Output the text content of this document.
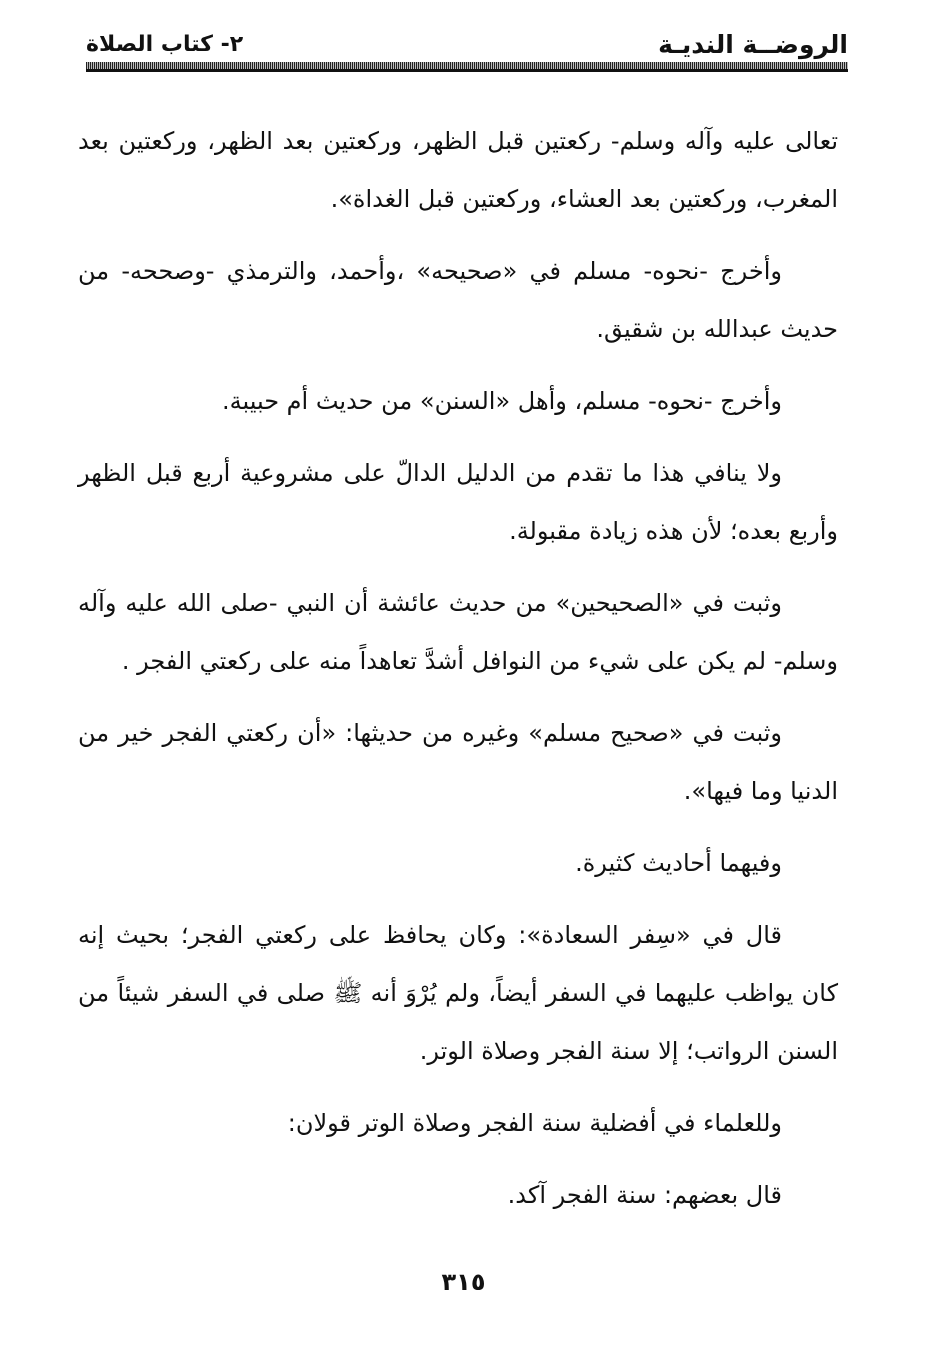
الروضــة النديـة
٢- كتاب الصلاة

تعالى عليه وآله وسلم- ركعتين قبل الظهر، وركعتين بعد الظهر، وركعتين بعد المغرب، وركعتين بعد العشاء، وركعتين قبل الغداة».

وأخرج -نحوه- مسلم في «صحيحه» ،وأحمد، والترمذي -وصححه- من حديث عبدالله بن شقيق.

وأخرج -نحوه- مسلم، وأهل «السنن» من حديث أم حبيبة.

ولا ينافي هذا ما تقدم من الدليل الدالّ على مشروعية أربع قبل الظهر وأربع بعده؛ لأن هذه زيادة مقبولة.

وثبت في «الصحيحين» من حديث عائشة أن النبي -صلى الله عليه وآله وسلم- لم يكن على شيء من النوافل أشدَّ تعاهداً منه على ركعتي الفجر .

وثبت في «صحيح مسلم» وغيره من حديثها: «أن ركعتي الفجر خير من الدنيا وما فيها».

وفيهما أحاديث كثيرة.

قال في «سِفر السعادة»: وكان يحافظ على ركعتي الفجر؛ بحيث إنه كان يواظب عليهما في السفر أيضاً، ولم يُرْوَ أنه ﷺ صلى في السفر شيئاً من السنن الرواتب؛ إلا سنة الفجر وصلاة الوتر.

وللعلماء في أفضلية سنة الفجر وصلاة الوتر قولان:

قال بعضهم: سنة الفجر آكد.

٣١٥
